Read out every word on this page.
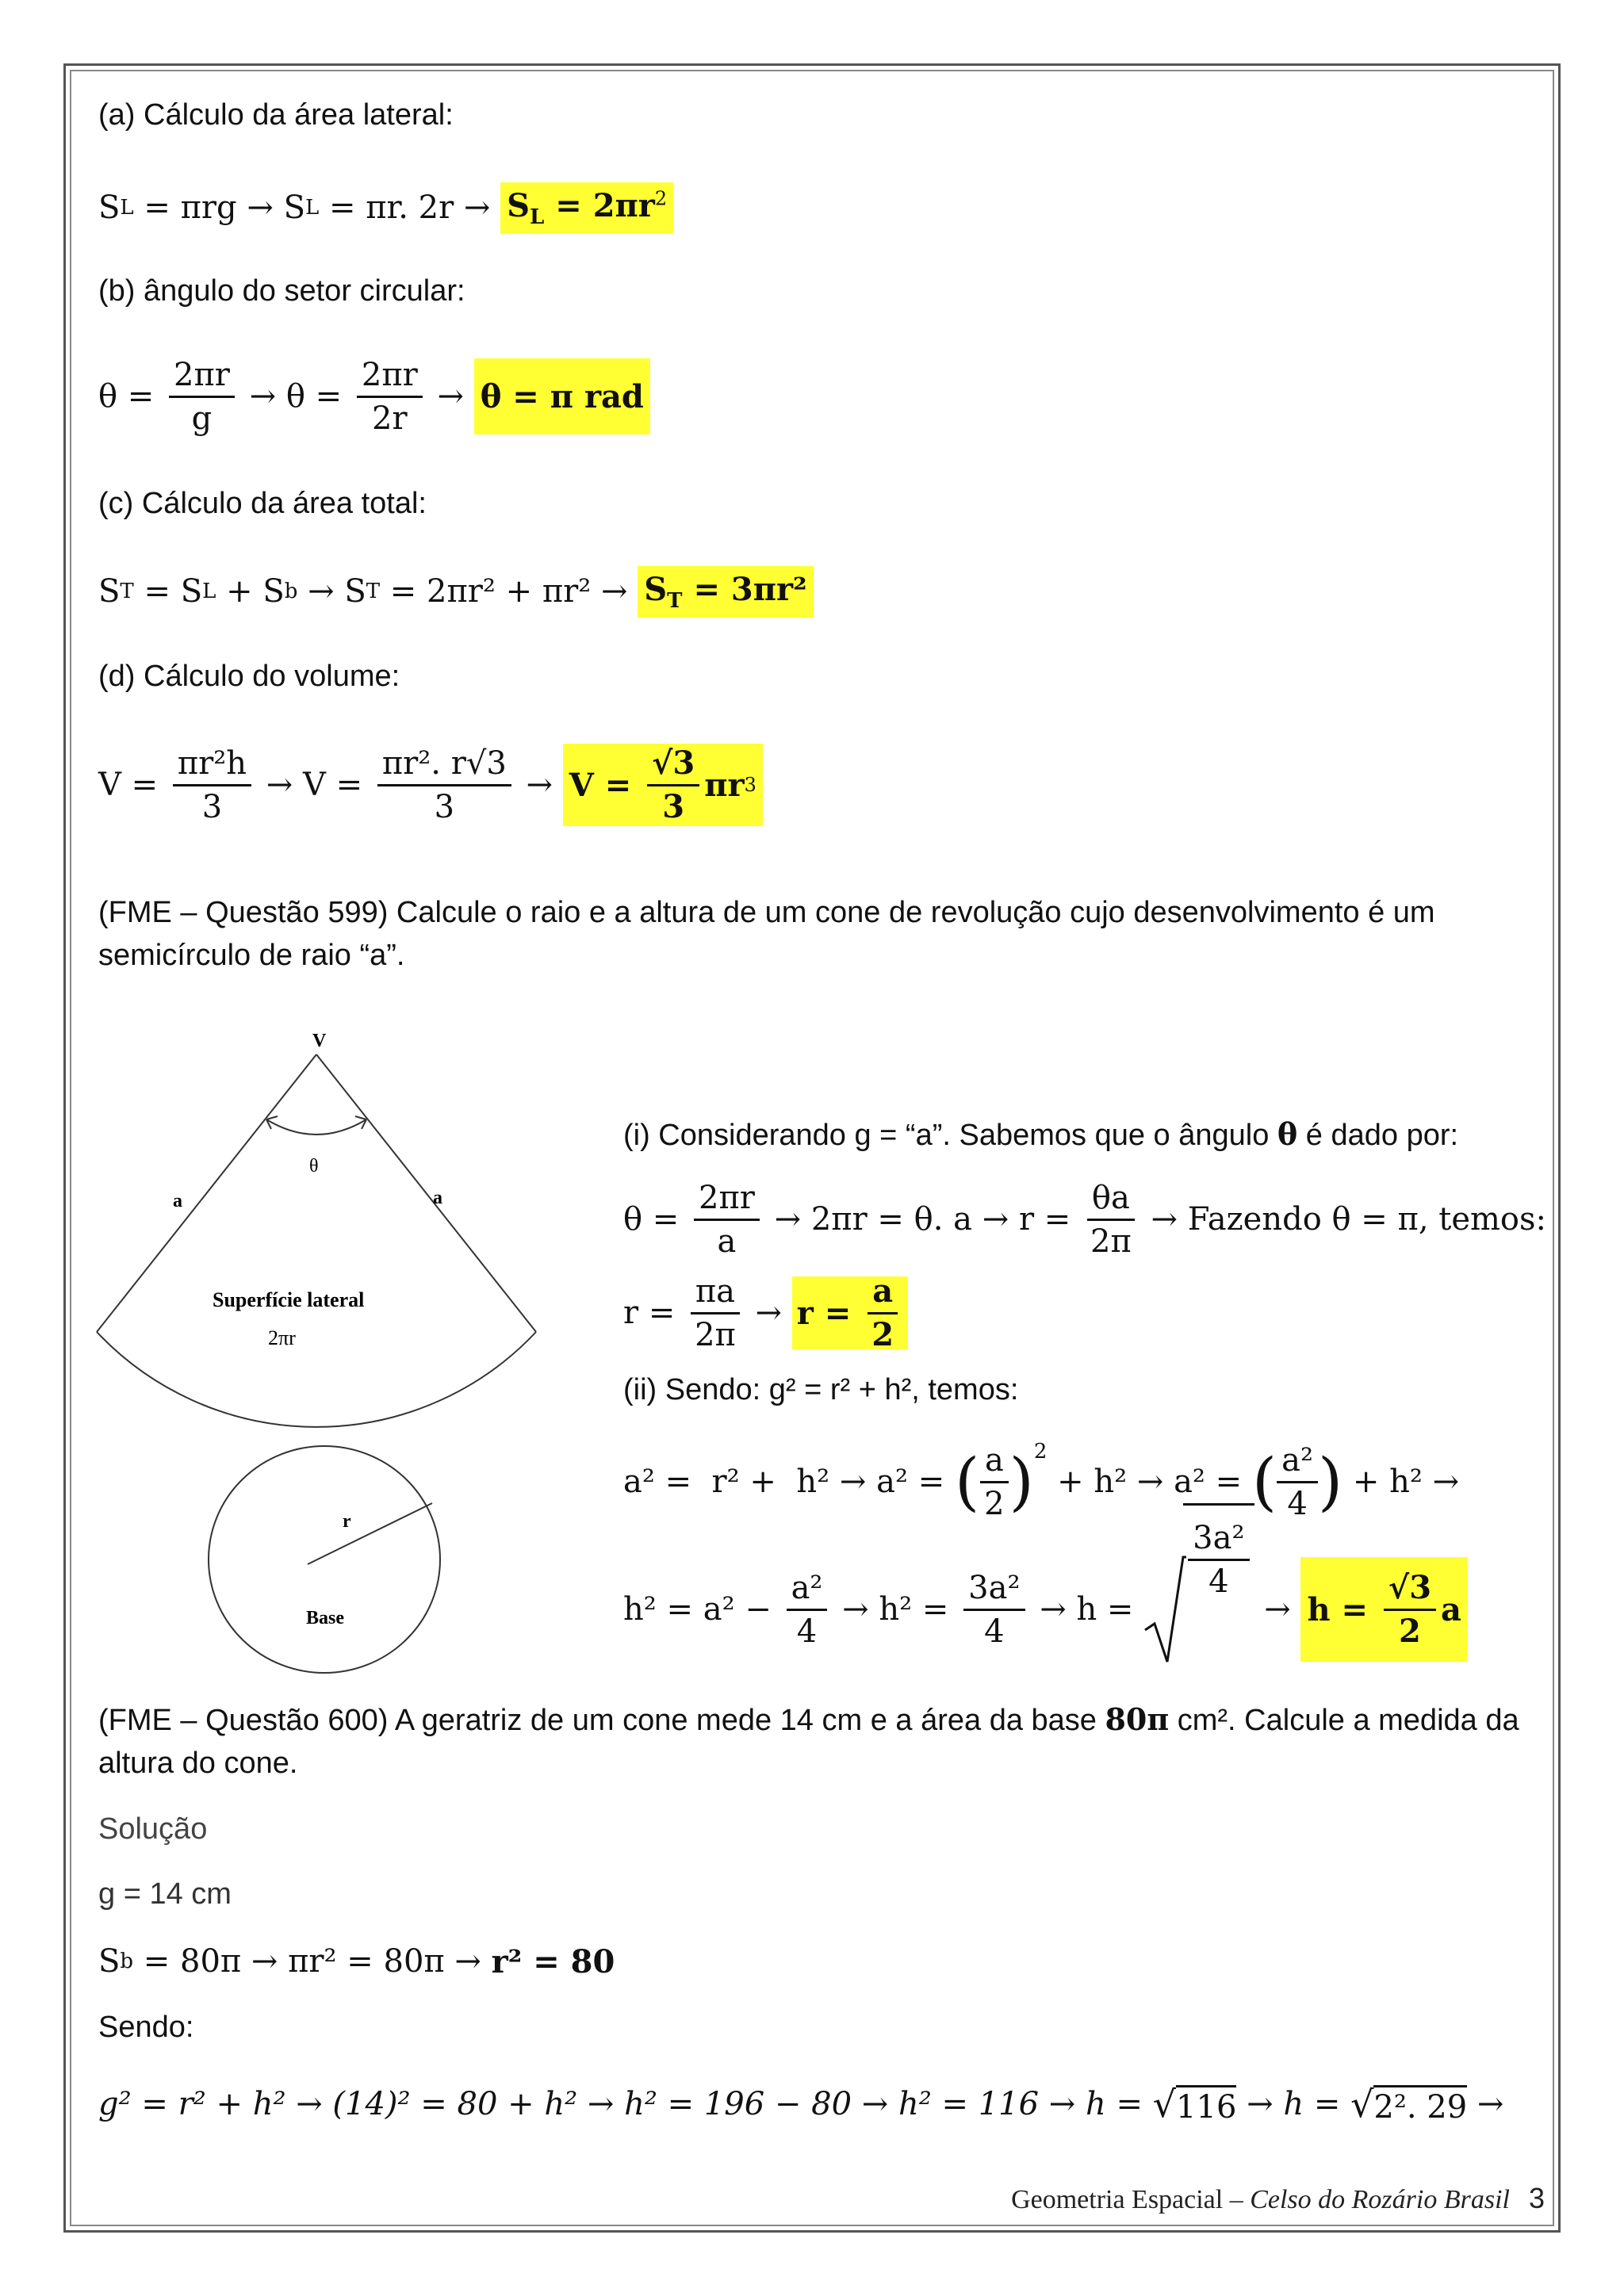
(a) Cálculo da área lateral:
S L = πrg → S L = πr. $2r \to S_L = 2\pi r^2$
(b) ângulo do setor circular:
$\theta = \frac{2\pi r}{g} \to \theta = \frac{2\pi r}{2r} \to \theta = \pi$ rad
(c) Cálculo da área total:
S T = S L + S b → S $T = 2\pi r^2 + \pi r^2 \to S_T = 3\pi r^2$
(d) Cálculo do volume:
$V = \frac{\text{πr²h}}{3} \to V = \frac{\text{πr². r√3}}{3} \to V = \frac{√3}{3}$ πr 3
(FME – Questão 599) Calcule o raio e a altura de um cone de revolução cujo desenvolvimento é um semicírculo de raio “a”.
V
θ
a	a
Superfície lateral
2πr
r
Base
(i) Considerando g = “a”. Sabemos que o ângulo θ é dado por:
$\theta = \frac{2\pi r}{a} \to 2\pi r = \theta$. $a \to r = \frac{\theta a}{2\pi}$ → Fazendo θ = π, temos:
$r = \frac{\pi a}{2\pi} \to r = \frac{a}{2}$
(ii) Sendo: g² = r² + h², temos:
a² =  r² +  h² → a² = ( $\frac{a}{2} )^2$
+ h² → a² = ( $\frac{\text{a²}}{4}$ ) + h² →
$h^2 = a^2 - \frac{\text{a²}}{4} \to h^2 = \frac{\text{3a²}}{4} \to h$ =
$\frac{\text{3a²}}{4}$
→ $h = \frac{√3}{2}$ a
(FME – Questão 600) A geratriz de um cone mede 14 cm e a área da base 80π cm². Calcule a medida da altura do cone.
Solução
g = 14 cm
S b = 80π → πr² = 80π → r² = 80
Sendo:
g² = r² + h² → (14)² = 80 + h² → h² = 196 − 80 → h² = 116 → h = √ 116 → h = √ 2². 29 →
Geometria Espacial – Celso do Rozário Brasil 3
